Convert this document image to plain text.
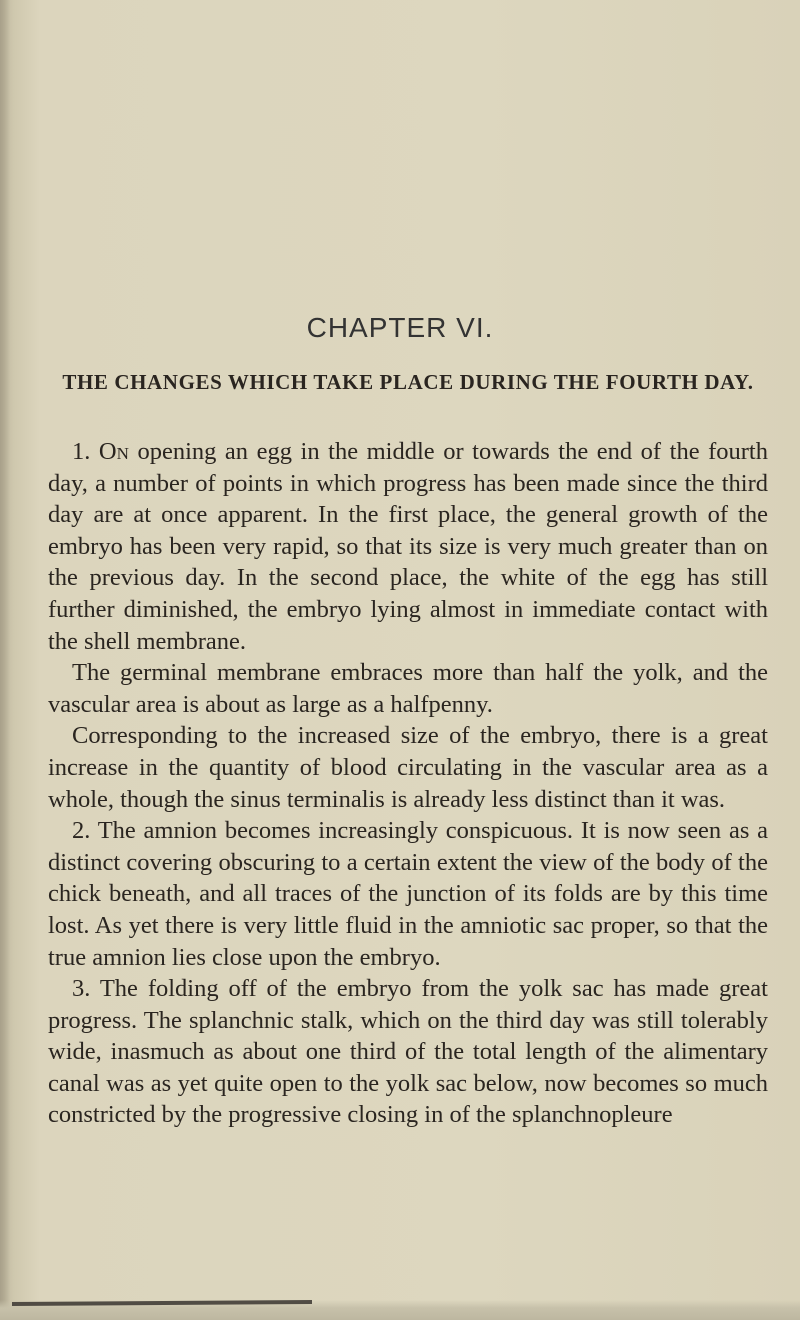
CHAPTER VI.
THE CHANGES WHICH TAKE PLACE DURING THE FOURTH DAY.

1. On opening an egg in the middle or towards the end of the fourth day, a number of points in which progress has been made since the third day are at once apparent. In the first place, the general growth of the embryo has been very rapid, so that its size is very much greater than on the previous day. In the second place, the white of the egg has still further diminished, the embryo lying almost in immediate contact with the shell membrane.

The germinal membrane embraces more than half the yolk, and the vascular area is about as large as a halfpenny.

Corresponding to the increased size of the embryo, there is a great increase in the quantity of blood circulating in the vascular area as a whole, though the sinus terminalis is already less distinct than it was.

2. The amnion becomes increasingly conspicuous. It is now seen as a distinct covering obscuring to a certain extent the view of the body of the chick beneath, and all traces of the junction of its folds are by this time lost. As yet there is very little fluid in the amniotic sac proper, so that the true amnion lies close upon the embryo.

3. The folding off of the embryo from the yolk sac has made great progress. The splanchnic stalk, which on the third day was still tolerably wide, inasmuch as about one third of the total length of the alimentary canal was as yet quite open to the yolk sac below, now becomes so much constricted by the progressive closing in of the splanchnopleure
